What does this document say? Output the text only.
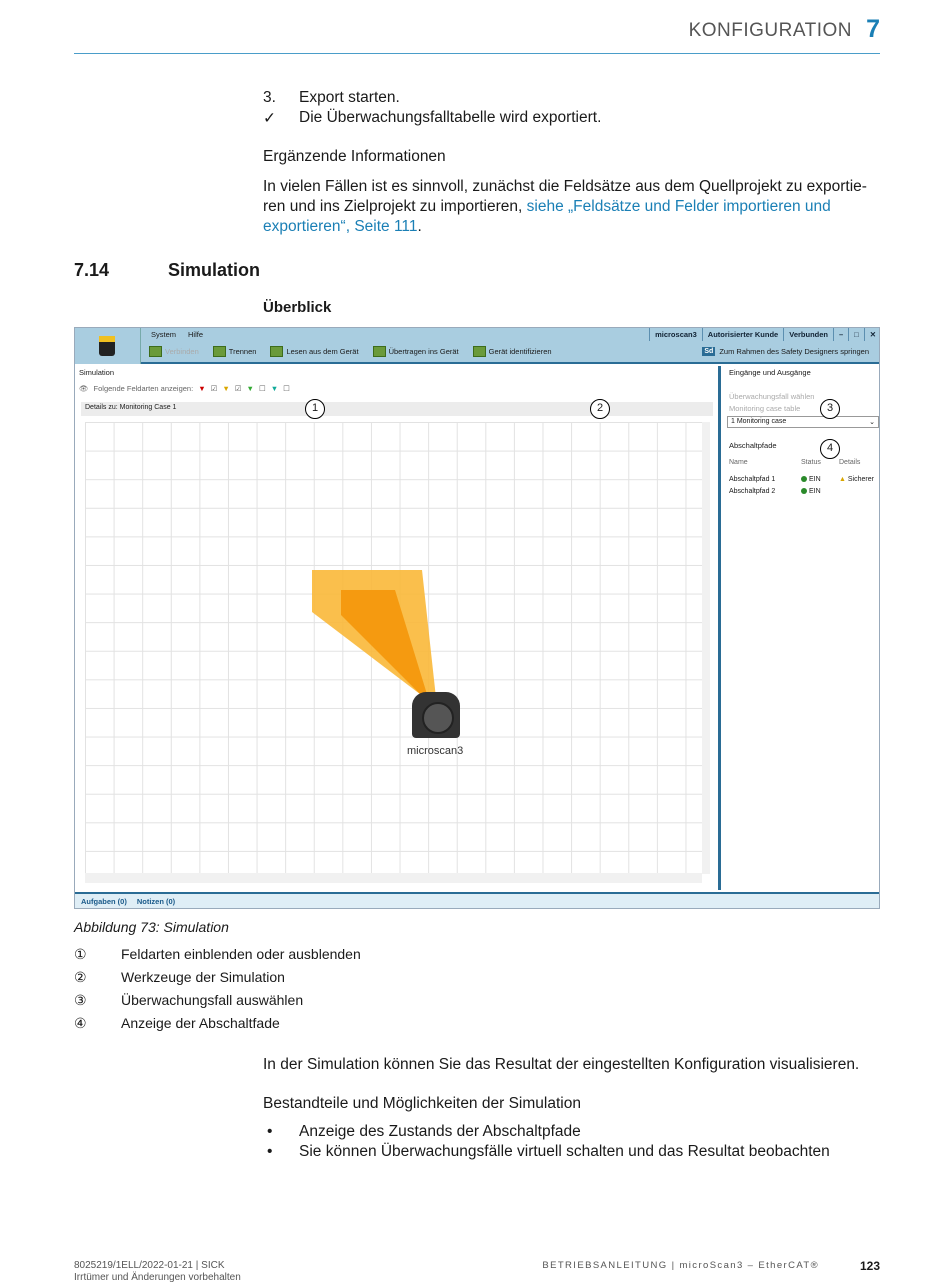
KONFIGURATION 7
3.	Export starten.
✓	Die Überwachungsfalltabelle wird exportiert.
Ergänzende Informationen
In vielen Fällen ist es sinnvoll, zunächst die Feldsätze aus dem Quellprojekt zu exportie-ren und ins Zielprojekt zu importieren, siehe „Feldsätze und Felder importieren und exportieren“, Seite 111.
7.14	Simulation
Überblick
System Hilfe	microscan3	Autorisierter Kunde	Verbunden	–	□	✕
Verbinden	Trennen	Lesen aus dem Gerät	Übertragen ins Gerät	Gerät identifizieren	Sd Zum Rahmen des Safety Designers springen
Simulation
👁 Folgende Feldarten anzeigen: ▼ ☑ ▼ ☑ ▼ ☐ ▼ ☐
Details zu: Monitoring Case 1
microscan3
Eingänge und Ausgänge
Überwachungsfall wählen
Monitoring case table
1 Monitoring case	⌄
Abschaltpfade
Name	Status	Details
Abschaltpfad 1	EIN	▲ Sicherer
Abschaltpfad 2	EIN
Aufgaben (0) Notizen (0)
1	2	3
4
Abbildung 73: Simulation
① Feldarten einblenden oder ausblenden
② Werkzeuge der Simulation
③ Überwachungsfall auswählen
④ Anzeige der Abschaltfade
In der Simulation können Sie das Resultat der eingestellten Konfiguration visualisieren.
Bestandteile und Möglichkeiten der Simulation
• Anzeige des Zustands der Abschaltpfade
• Sie können Überwachungsfälle virtuell schalten und das Resultat beobachten
8025219/1ELL/2022-01-21 | SICK
Irrtümer und Änderungen vorbehalten
BETRIEBSANLEITUNG | microScan3 – EtherCAT®	123
